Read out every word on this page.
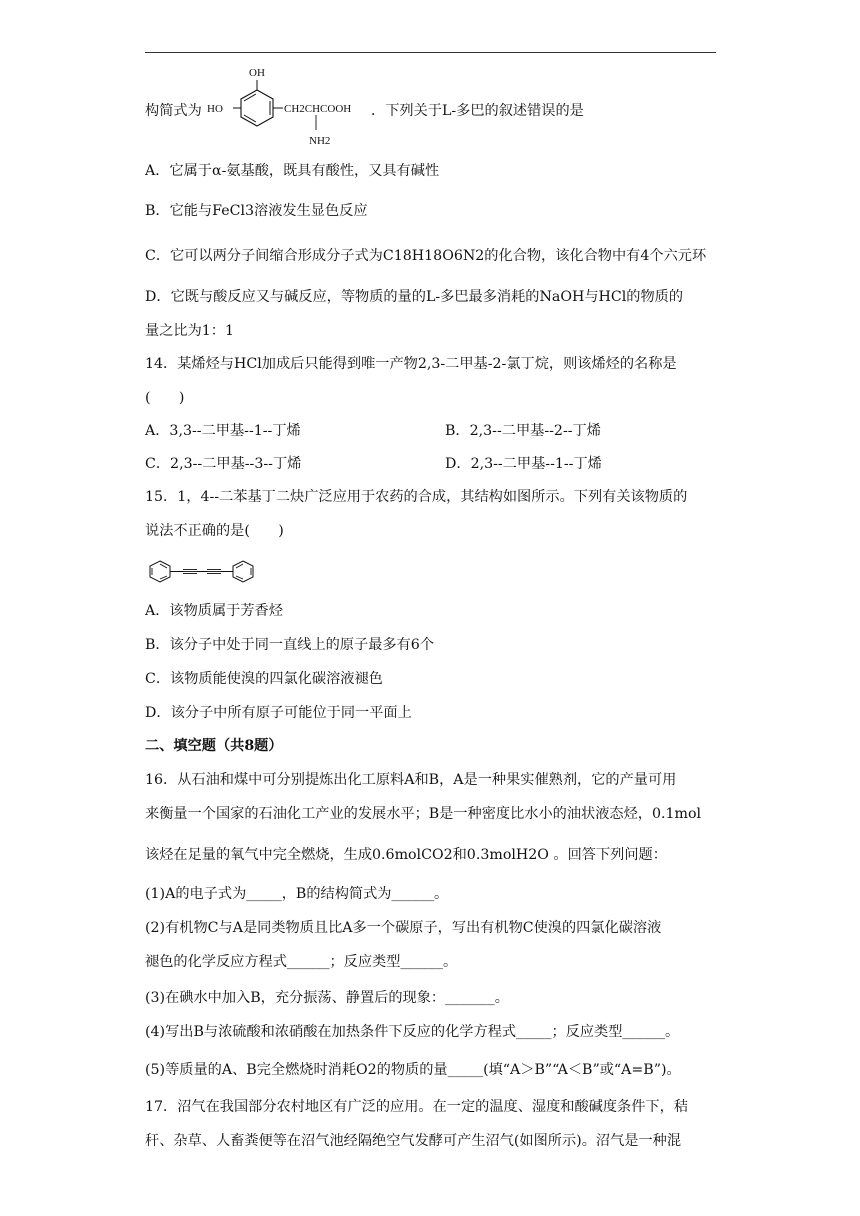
构简式为
OH
HO	CH2CHCOOH
NH2
．下列关于L-多巴的叙述错误的是
A．它属于α-氨基酸，既具有酸性，又具有碱性
B．它能与FeCl3溶液发生显色反应
C．它可以两分子间缩合形成分子式为C18H18O6N2的化合物，该化合物中有4个六元环
D．它既与酸反应又与碱反应，等物质的量的L-多巴最多消耗的NaOH与HCl的物质的
量之比为1：1
14．某烯烃与HCl加成后只能得到唯一产物2,3-二甲基-2-氯丁烷，则该烯烃的名称是
(　　)
A．3,3--二甲基--1--丁烯	B．2,3--二甲基--2--丁烯
C．2,3--二甲基--3--丁烯	D．2,3--二甲基--1--丁烯
15．1，4--二苯基丁二炔广泛应用于农药的合成，其结构如图所示。下列有关该物质的
说法不正确的是(　　)
A．该物质属于芳香烃
B．该分子中处于同一直线上的原子最多有6个
C．该物质能使溴的四氯化碳溶液褪色
D．该分子中所有原子可能位于同一平面上
二、填空题（共8题）
16．从石油和煤中可分别提炼出化工原料A和B，A是一种果实催熟剂，它的产量可用
来衡量一个国家的石油化工产业的发展水平；B是一种密度比水小的油状液态烃，0.1mol
该烃在足量的氧气中完全燃烧，生成0.6molCO2和0.3molH2O 。回答下列问题：
(1)A的电子式为_____，B的结构简式为______。
(2)有机物C与A是同类物质且比A多一个碳原子，写出有机物C使溴的四氯化碳溶液
褪色的化学反应方程式______；反应类型______。
(3)在碘水中加入B，充分振荡、静置后的现象：_______。
(4)写出B与浓硫酸和浓硝酸在加热条件下反应的化学方程式_____；反应类型______。
(5)等质量的A、B完全燃烧时消耗O2的物质的量_____(填“A＞B”“A＜B”或“A=B”)。
17．沼气在我国部分农村地区有广泛的应用。在一定的温度、湿度和酸碱度条件下，秸
秆、杂草、人畜粪便等在沼气池经隔绝空气发酵可产生沼气(如图所示)。沼气是一种混
